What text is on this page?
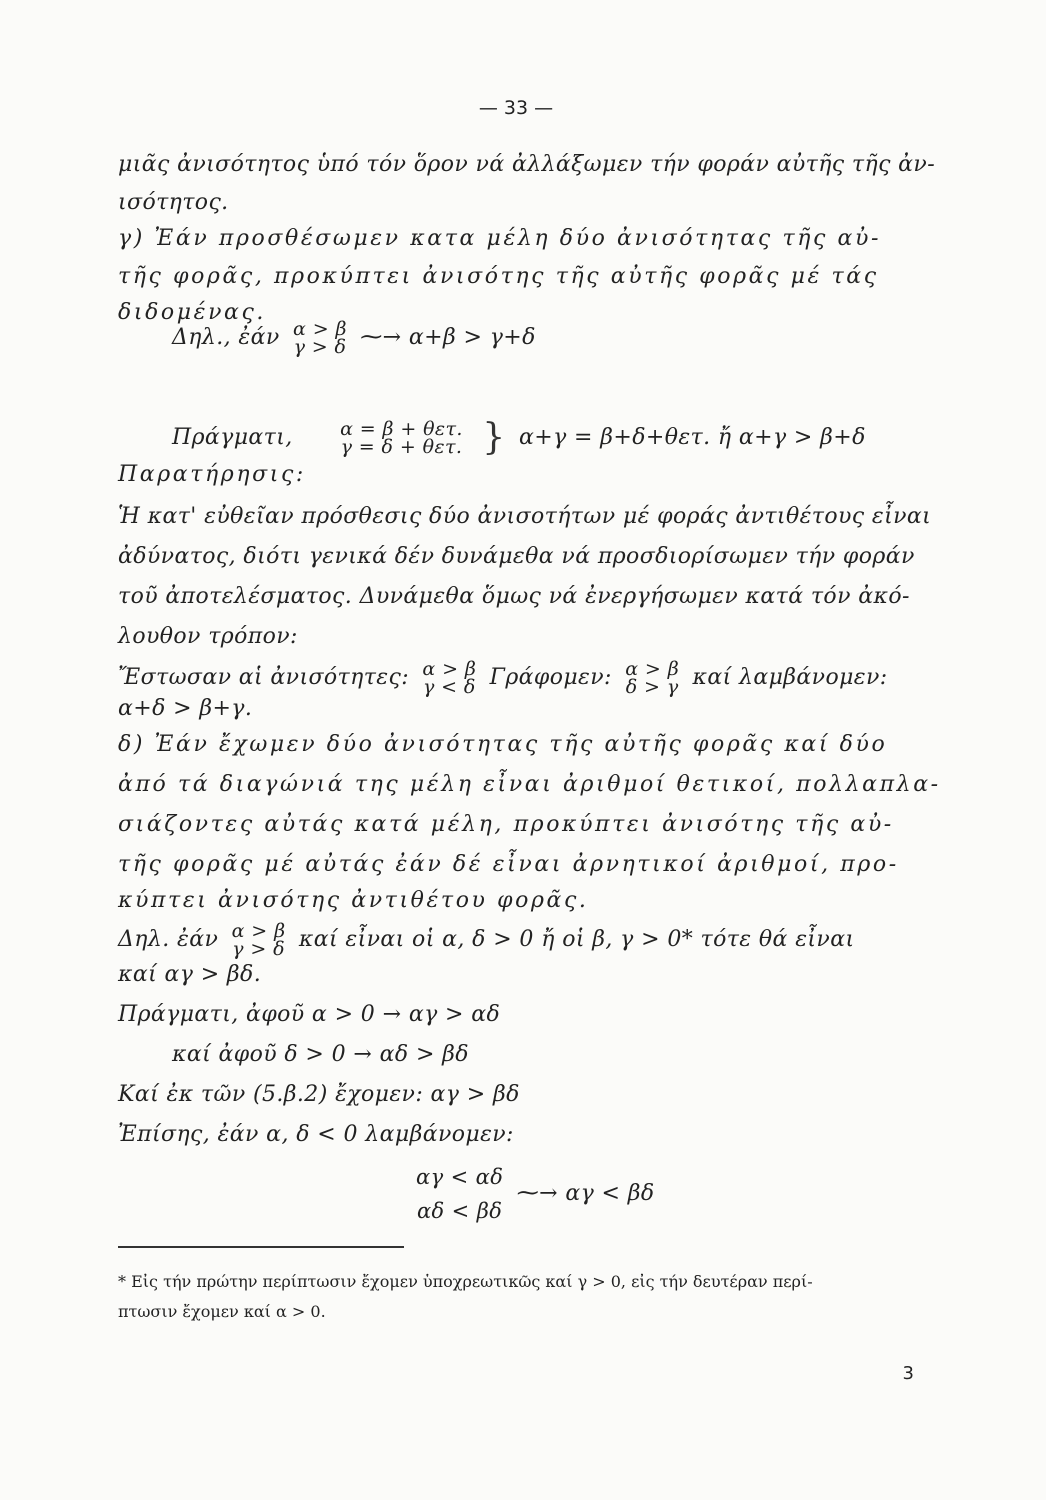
— 33 —
μιᾶς ἀνισότητος ὑπό τόν ὅρον νά ἀλλάξωμεν τήν φοράν αὐτῆς τῆς ἀν-
ισότητος.
γ) Ἐάν προσθέσωμεν κατα μέλη δύο ἀνισότητας τῆς αὐ-
τῆς φορᾶς, προκύπτει ἀνισότης τῆς αὐτῆς φορᾶς μέ τάς
διδομένας.
Δηλ., ἐάν α > β
γ > δ ⁓→ α+β > γ+δ
Πράγματι, α = β + θετ.
γ = δ + θετ. } α+γ = β+δ+θετ. ἤ α+γ > β+δ
Παρατήρησις:
Ἡ κατ' εὐθεῖαν πρόσθεσις δύο ἀνισοτήτων μέ φοράς ἀντιθέτους εἶναι
ἀδύνατος, διότι γενικά δέν δυνάμεθα νά προσδιορίσωμεν τήν φοράν
τοῦ ἀποτελέσματος. Δυνάμεθα ὅμως νά ἐνεργήσωμεν κατά τόν ἀκό-
λουθον τρόπον:
Ἔστωσαν αἱ ἀνισότητες: α > β
γ < δ Γράφομεν: α > β
δ > γ καί λαμβάνομεν:
α+δ > β+γ.
δ) Ἐάν ἔχωμεν δύο ἀνισότητας τῆς αὐτῆς φορᾶς καί δύο
ἀπό τά διαγώνιά της μέλη εἶναι ἀριθμοί θετικοί, πολλαπλα-
σιάζοντες αὐτάς κατά μέλη, προκύπτει ἀνισότης τῆς αὐ-
τῆς φορᾶς μέ αὐτάς ἐάν δέ εἶναι ἀρνητικοί ἀριθμοί, προ-
κύπτει ἀνισότης ἀντιθέτου φορᾶς.
Δηλ. ἐάν α > β
γ > δ καί εἶναι οἱ α, δ > 0 ἤ οἱ β, γ > 0* τότε θά εἶναι
καί αγ > βδ.
Πράγματι, ἀφοῦ α > 0 → αγ > αδ
καί ἀφοῦ δ > 0 → αδ > βδ
Καί ἐκ τῶν (5.β.2) ἔχομεν: αγ > βδ
Ἐπίσης, ἐάν α, δ < 0 λαμβάνομεν:
αγ < αδ
αδ < βδ
⁓→ αγ < βδ
* Εἰς τήν πρώτην περίπτωσιν ἔχομεν ὑποχρεωτικῶς καί γ > 0, εἰς τήν δευτέραν περί-
πτωσιν ἔχομεν καί α > 0.
3
